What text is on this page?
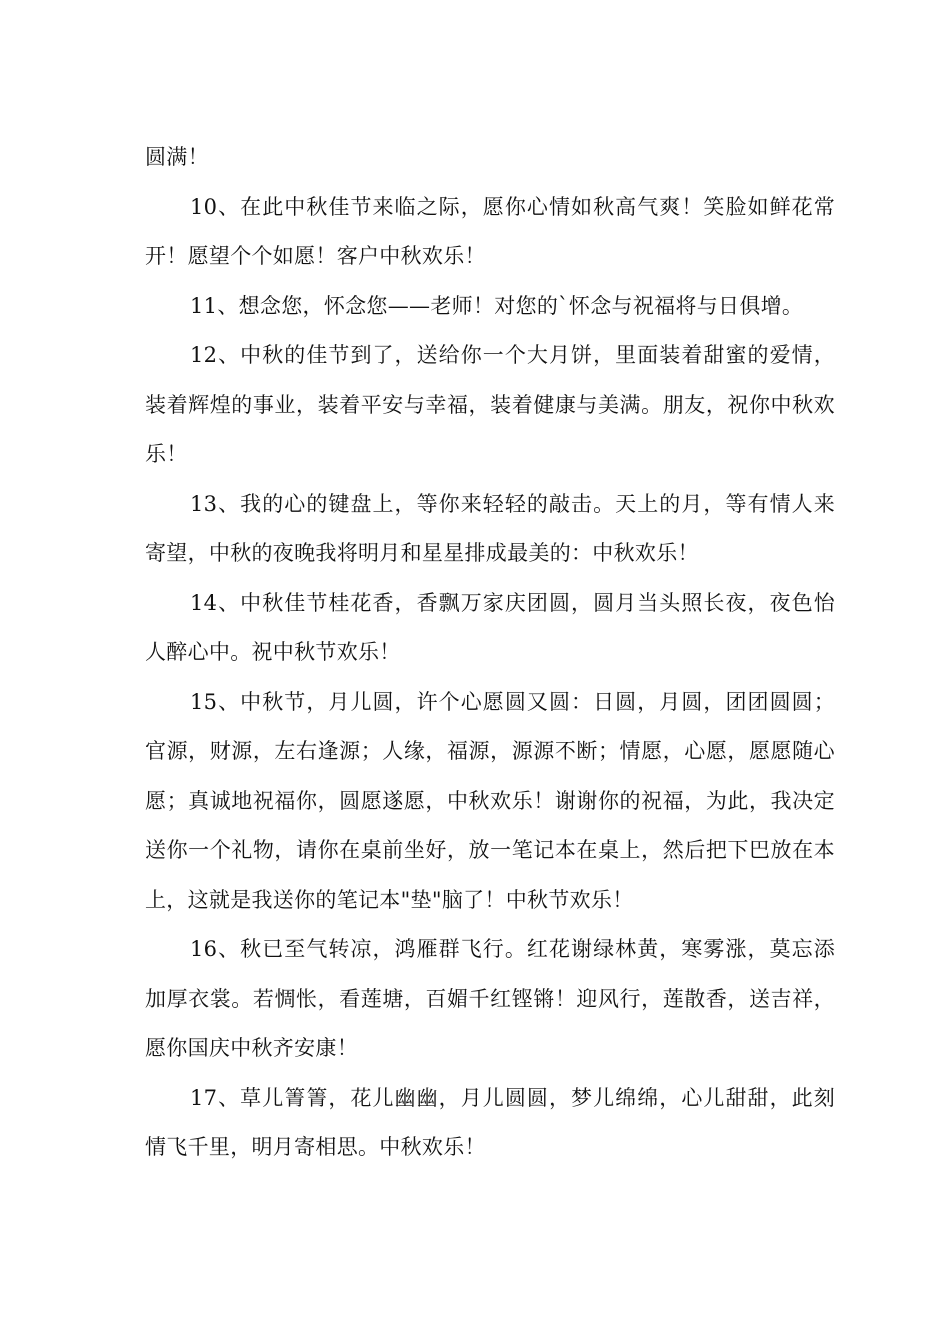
圆满！

10、在此中秋佳节来临之际，愿你心情如秋高气爽！笑脸如鲜花常开！愿望个个如愿！客户中秋欢乐！

11、想念您，怀念您——老师！对您的`怀念与祝福将与日俱增。

12、中秋的佳节到了，送给你一个大月饼，里面装着甜蜜的爱情，装着辉煌的事业，装着平安与幸福，装着健康与美满。朋友，祝你中秋欢乐！

13、我的心的键盘上，等你来轻轻的敲击。天上的月，等有情人来寄望，中秋的夜晚我将明月和星星排成最美的：中秋欢乐！

14、中秋佳节桂花香，香飘万家庆团圆，圆月当头照长夜，夜色怡人醉心中。祝中秋节欢乐！

15、中秋节，月儿圆，许个心愿圆又圆：日圆，月圆，团团圆圆；官源，财源，左右逢源；人缘，福源，源源不断；情愿，心愿，愿愿随心愿；真诚地祝福你，圆愿遂愿，中秋欢乐！谢谢你的祝福，为此，我决定送你一个礼物，请你在桌前坐好，放一笔记本在桌上，然后把下巴放在本上，这就是我送你的笔记本"垫"脑了！中秋节欢乐！

16、秋已至气转凉，鸿雁群飞行。红花谢绿林黄，寒雾涨，莫忘添加厚衣裳。若惆怅，看莲塘，百媚千红铿锵！迎风行，莲散香，送吉祥，愿你国庆中秋齐安康！

17、草儿箐箐，花儿幽幽，月儿圆圆，梦儿绵绵，心儿甜甜，此刻情飞千里，明月寄相思。中秋欢乐！
